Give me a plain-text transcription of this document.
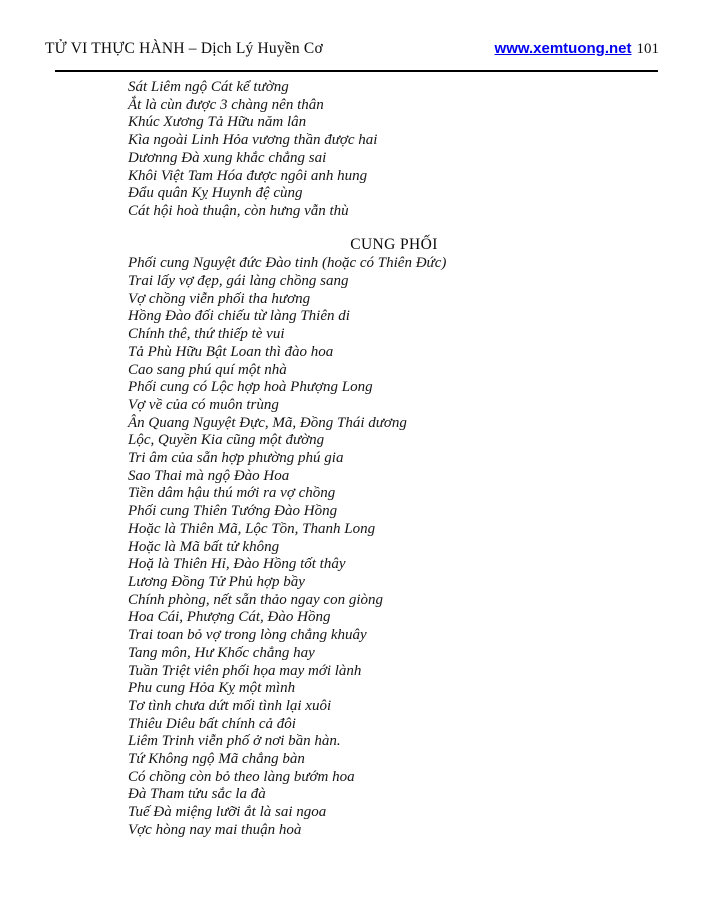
TỬ VI THỰC HÀNH – Dịch Lý Huyền Cơ	www.xemtuong.net 101
Sát Liêm ngộ Cát kể tường
Ắt là cùn được 3 chàng nên thân
Khúc Xương Tả Hữu năm lân
Kìa ngoài Linh Hỏa vương thần được hai
Dươnng Đà xung khắc chẳng sai
Khôi Việt Tam Hóa được ngôi anh hung
Đẩu quân Kỵ Huynh đệ cùng
Cát hội hoà thuận, còn hưng vẫn thù
CUNG PHỐI
Phối cung Nguyệt đức Đào tinh (hoặc có Thiên Đức)
Trai lấy vợ đẹp, gái làng chồng sang
Vợ chồng viễn phối tha hương
Hồng Đào đối chiếu từ làng Thiên di
Chính thê, thứ thiếp tè vui
Tả Phù Hữu Bật Loan thì đào hoa
Cao sang phú quí một nhà
Phối cung có Lộc hợp hoà Phượng Long
Vợ về của có muôn trùng
Ân Quang Nguyệt Đực, Mã, Đồng Thái dương
Lộc, Quyền Kia cũng một đường
Tri âm của sẵn hợp phường phú gia
Sao Thai mà ngộ Đào Hoa
Tiền dâm hậu thú mới ra vợ chồng
Phối cung Thiên Tướng Đào Hồng
Hoặc là Thiên Mã, Lộc Tồn, Thanh Long
Hoặc là Mã bất tử không
Hoặ là Thiên Hỉ, Đào Hồng tốt thây
Lương Đồng Tử Phủ hợp bầy
Chính phòng, nết sẵn thảo ngay con giòng
Hoa Cái, Phượng Cát, Đào Hồng
Trai toan bỏ vợ trong lòng chẳng khuây
Tang môn, Hư Khốc chẳng hay
Tuần Triệt viên phối họa may mới lành
Phu cung Hỏa Kỵ một mình
Tơ tình chưa dứt mối tình lại xuôi
Thiêu Diêu bất chính cả đôi
Liêm Trinh viễn phố ở nơi bần hàn.
Tứ Không ngộ Mã chẳng bàn
Có chồng còn bỏ theo làng bướm hoa
Đà Tham tửu sắc la đà
Tuế Đà miệng lưỡi ắt là sai ngoa
Vợc hòng nay mai thuận hoà
